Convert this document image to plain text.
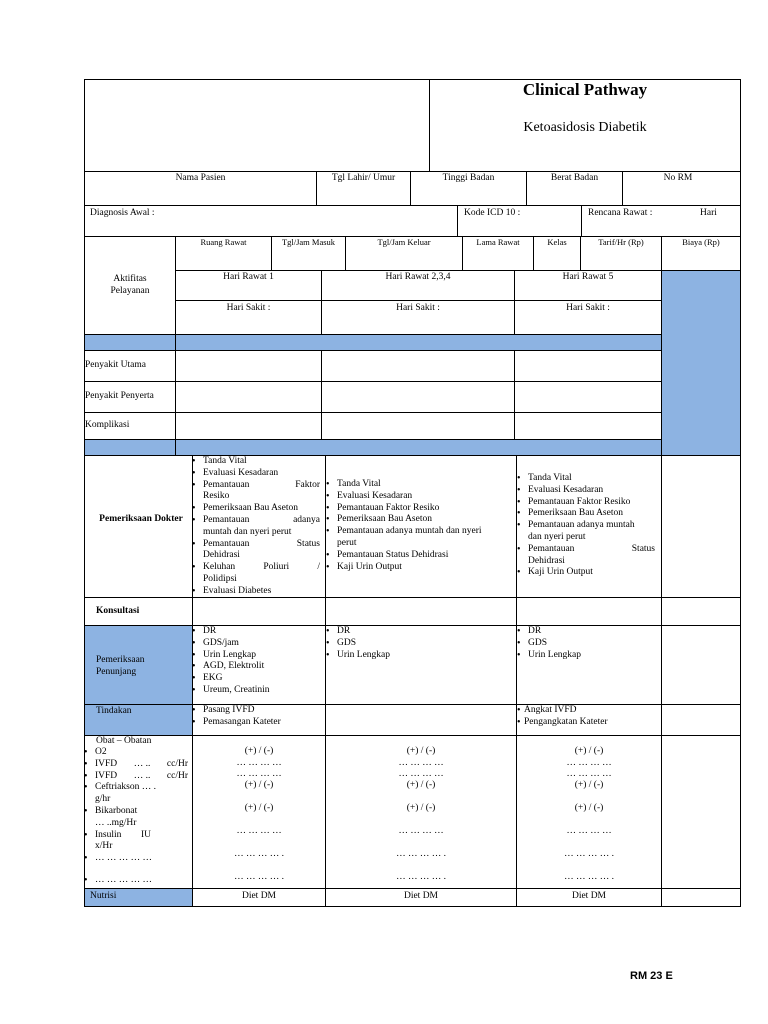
Clinical Pathway
Ketoasidosis Diabetik
Nama Pasien	Tgl Lahir/ Umur	Tinggi Badan	Berat Badan	No RM
Diagnosis Awal :	Kode ICD 10 :	Rencana Rawat :	Hari
Aktifitas Pelayanan
Ruang Rawat	Tgl/Jam Masuk	Tgl/Jam Keluar	Lama Rawat	Kelas	Tarif/Hr (Rp)	Biaya (Rp)
Hari Rawat 1	Hari Rawat 2,3,4	Hari Rawat 5
Hari Sakit :	Hari Sakit :	Hari Sakit :
Penyakit Utama
Penyakit Penyerta
Komplikasi
Pemeriksaan Dokter
• Tanda Vital
• Evaluasi Kesadaran
• Pemantauan	Faktor
Resiko
• Pemeriksaan Bau Aseton
• Pemantauan	adanya
muntah dan nyeri perut
• Pemantauan	Status
Dehidrasi
• Keluhan	Poliuri	/
Polidipsi
• Evaluasi Diabetes
• Tanda Vital
• Evaluasi Kesadaran
• Pemantauan Faktor Resiko
• Pemeriksaan Bau Aseton
• Pemantauan adanya muntah dan nyeri
perut
• Pemantauan Status Dehidrasi
• Kaji Urin Output
• Tanda Vital
• Evaluasi Kesadaran
• Pemantauan Faktor Resiko
• Pemeriksaan Bau Aseton
• Pemantauan adanya muntah
dan nyeri perut
• Pemantauan	Status
Dehidrasi
• Kaji Urin Output
Konsultasi
Pemeriksaan Penunjang
• DR
• GDS/jam
• Urin Lengkap
• AGD, Elektrolit
• EKG
• Ureum, Creatinin
• DR
• GDS
• Urin Lengkap
• DR
• GDS
• Urin Lengkap
Tindakan
•	Pasang IVFD
• Pemasangan Kateter
• Angkat IVFD
• Pengangkatan Kateter
Obat – Obatan
• O2
• IVFD … .. cc/Hr
• IVFD … .. cc/Hr
• Ceftriakson … .
g/hr
• Bikarbonat
… ..mg/Hr
• Insulin IU
x/Hr
• … … … … …
• … … … … …
(+) / (-)
… … … …
… … … …
(+) / (-)
(+) / (-)
… … … …
… … … … .
… … … … .
(+) / (-)
… … … …
… … … …
(+) / (-)
(+) / (-)
… … … …
… … … … .
… … … … .
(+) / (-)
… … … …
… … … …
(+) / (-)
(+) / (-)
… … … …
… … … … .
… … … … .
Nutrisi	Diet DM	Diet DM	Diet DM
RM 23 E
